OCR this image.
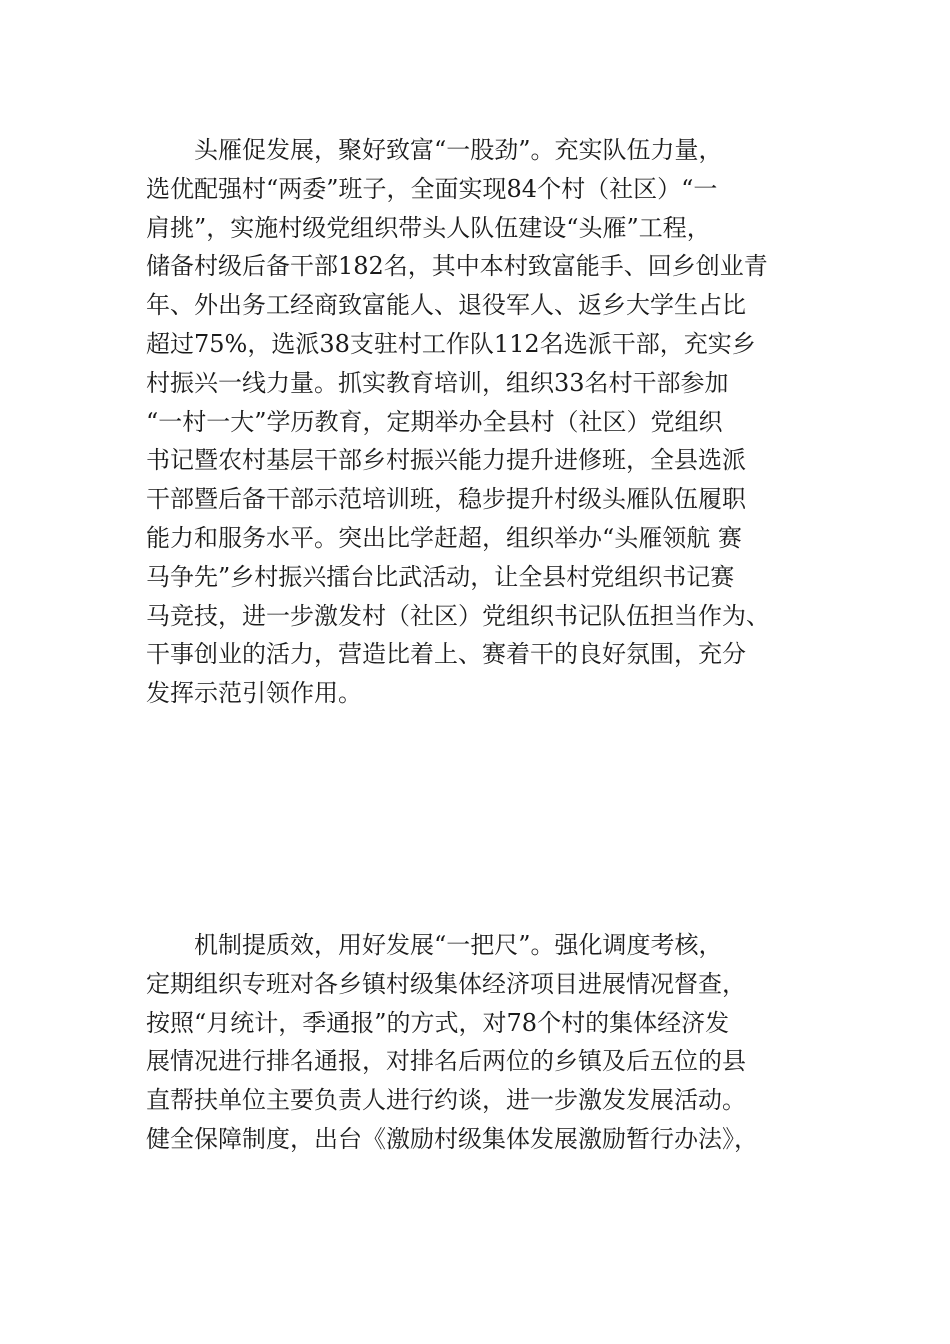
头雁促发展，聚好致富“一股劲”。充实队伍力量，
选优配强村“两委”班子，全面实现84个村（社区）“一
肩挑”，实施村级党组织带头人队伍建设“头雁”工程，
储备村级后备干部182名，其中本村致富能手、回乡创业青
年、外出务工经商致富能人、退役军人、返乡大学生占比
超过75%，选派38支驻村工作队112名选派干部，充实乡
村振兴一线力量。抓实教育培训，组织33名村干部参加
“一村一大”学历教育，定期举办全县村（社区）党组织
书记暨农村基层干部乡村振兴能力提升进修班，全县选派
干部暨后备干部示范培训班，稳步提升村级头雁队伍履职
能力和服务水平。突出比学赶超，组织举办“头雁领航 赛
马争先”乡村振兴擂台比武活动，让全县村党组织书记赛
马竞技，进一步激发村（社区）党组织书记队伍担当作为、
干事创业的活力，营造比着上、赛着干的良好氛围，充分
发挥示范引领作用。
机制提质效，用好发展“一把尺”。强化调度考核，
定期组织专班对各乡镇村级集体经济项目进展情况督查，
按照“月统计，季通报”的方式，对78个村的集体经济发
展情况进行排名通报，对排名后两位的乡镇及后五位的县
直帮扶单位主要负责人进行约谈，进一步激发发展活动。
健全保障制度，出台《激励村级集体发展激励暂行办法》，
